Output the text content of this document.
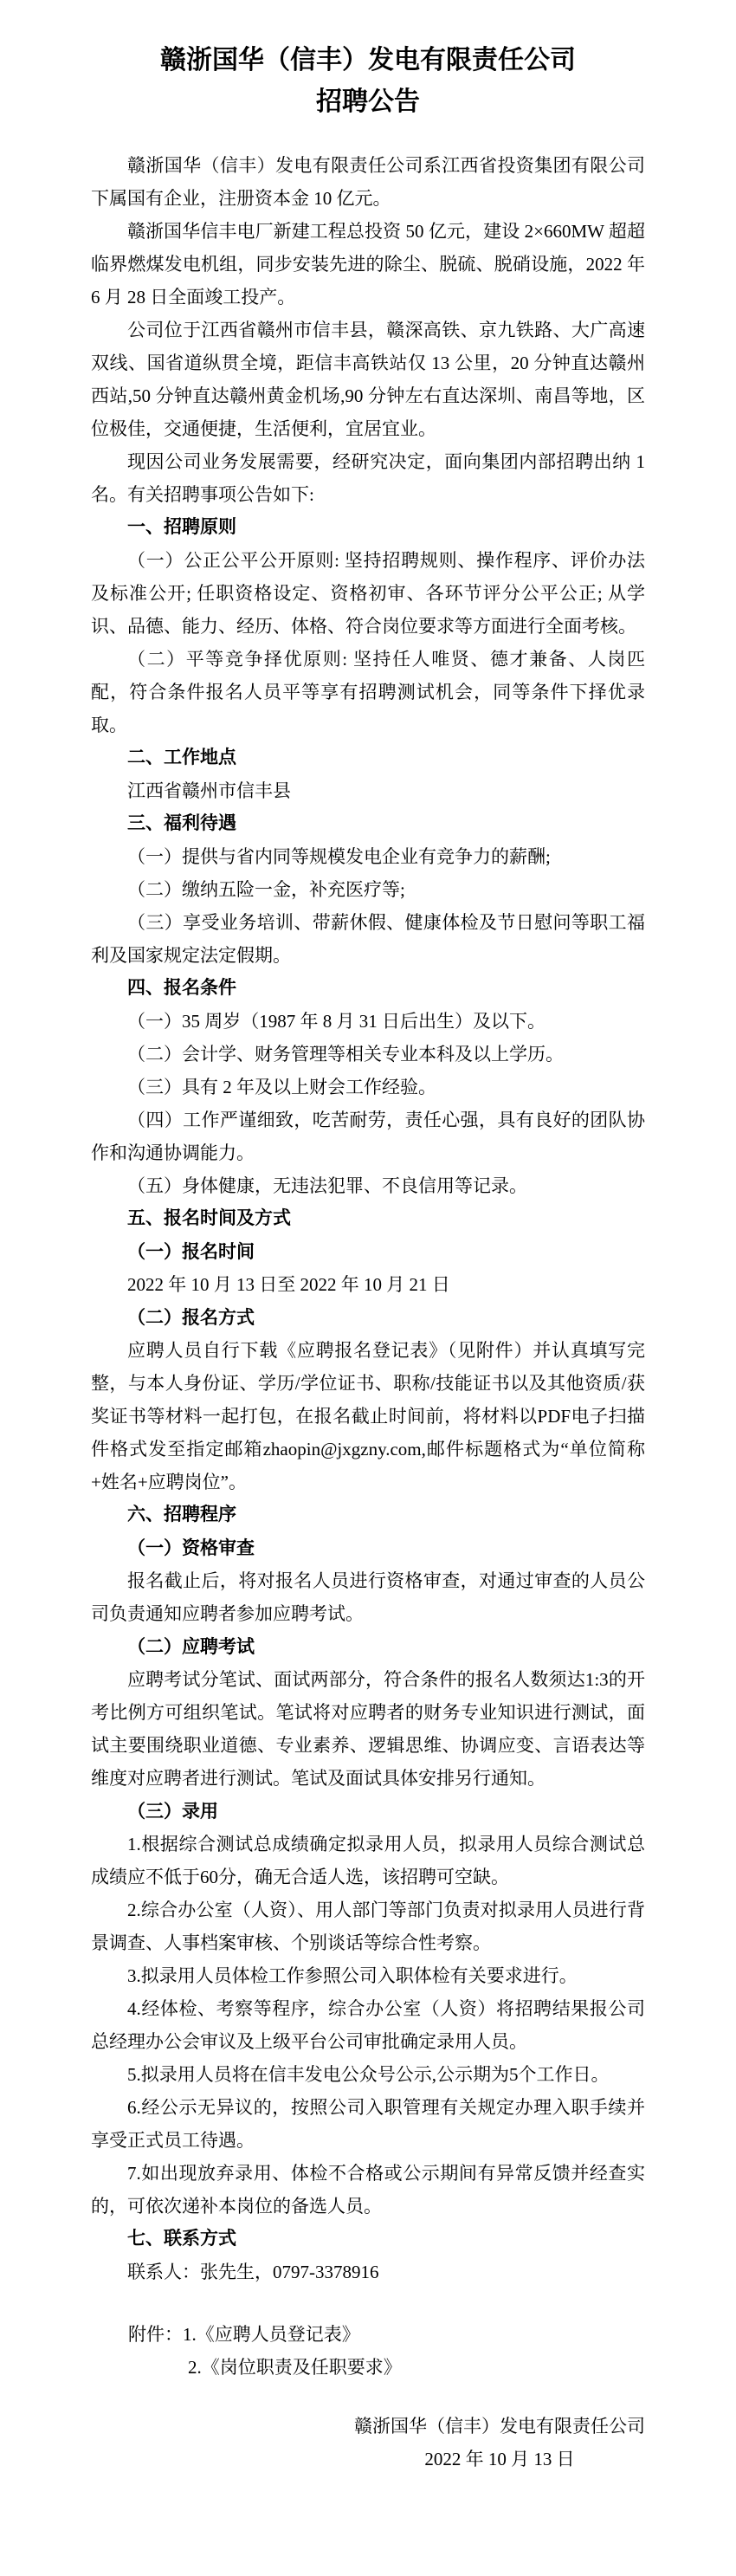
赣浙国华（信丰）发电有限责任公司
招聘公告

赣浙国华（信丰）发电有限责任公司系江西省投资集团有限公司下属国有企业，注册资本金 10 亿元。

赣浙国华信丰电厂新建工程总投资 50 亿元，建设 2×660MW 超超临界燃煤发电机组，同步安装先进的除尘、脱硫、脱硝设施，2022 年 6 月 28 日全面竣工投产。

公司位于江西省赣州市信丰县，赣深高铁、京九铁路、大广高速双线、国省道纵贯全境，距信丰高铁站仅 13 公里，20 分钟直达赣州西站,50 分钟直达赣州黄金机场,90 分钟左右直达深圳、南昌等地，区位极佳，交通便捷，生活便利，宜居宜业。

现因公司业务发展需要，经研究决定，面向集团内部招聘出纳 1 名。有关招聘事项公告如下:

一、招聘原则

（一）公正公平公开原则: 坚持招聘规则、操作程序、评价办法及标准公开; 任职资格设定、资格初审、各环节评分公平公正; 从学识、品德、能力、经历、体格、符合岗位要求等方面进行全面考核。

（二）平等竞争择优原则: 坚持任人唯贤、德才兼备、人岗匹配，符合条件报名人员平等享有招聘测试机会，同等条件下择优录取。

二、工作地点

江西省赣州市信丰县

三、福利待遇

（一）提供与省内同等规模发电企业有竞争力的薪酬;

（二）缴纳五险一金，补充医疗等;

（三）享受业务培训、带薪休假、健康体检及节日慰问等职工福利及国家规定法定假期。

四、报名条件

（一）35 周岁（1987 年 8 月 31 日后出生）及以下。

（二）会计学、财务管理等相关专业本科及以上学历。

（三）具有 2 年及以上财会工作经验。

（四）工作严谨细致，吃苦耐劳，责任心强，具有良好的团队协作和沟通协调能力。

（五）身体健康，无违法犯罪、不良信用等记录。

五、报名时间及方式

（一）报名时间

2022 年 10 月 13 日至 2022 年 10 月 21 日

（二）报名方式

应聘人员自行下载《应聘报名登记表》（见附件）并认真填写完整，与本人身份证、学历/学位证书、职称/技能证书以及其他资质/获奖证书等材料一起打包，在报名截止时间前，将材料以PDF电子扫描件格式发至指定邮箱zhaopin@jxgzny.com,邮件标题格式为“单位简称+姓名+应聘岗位”。

六、招聘程序

（一）资格审查

报名截止后，将对报名人员进行资格审查，对通过审查的人员公司负责通知应聘者参加应聘考试。

（二）应聘考试

应聘考试分笔试、面试两部分，符合条件的报名人数须达1:3的开考比例方可组织笔试。笔试将对应聘者的财务专业知识进行测试，面试主要围绕职业道德、专业素养、逻辑思维、协调应变、言语表达等维度对应聘者进行测试。笔试及面试具体安排另行通知。

（三）录用

1.根据综合测试总成绩确定拟录用人员，拟录用人员综合测试总成绩应不低于60分，确无合适人选，该招聘可空缺。

2.综合办公室（人资）、用人部门等部门负责对拟录用人员进行背景调查、人事档案审核、个别谈话等综合性考察。

3.拟录用人员体检工作参照公司入职体检有关要求进行。

4.经体检、考察等程序，综合办公室（人资）将招聘结果报公司总经理办公会审议及上级平台公司审批确定录用人员。

5.拟录用人员将在信丰发电公众号公示,公示期为5个工作日。

6.经公示无异议的，按照公司入职管理有关规定办理入职手续并享受正式员工待遇。

7.如出现放弃录用、体检不合格或公示期间有异常反馈并经查实的，可依次递补本岗位的备选人员。

七、联系方式

联系人：张先生，0797-3378916

附件：1.《应聘人员登记表》
2.《岗位职责及任职要求》
赣浙国华（信丰）发电有限责任公司
2022 年 10 月 13 日
